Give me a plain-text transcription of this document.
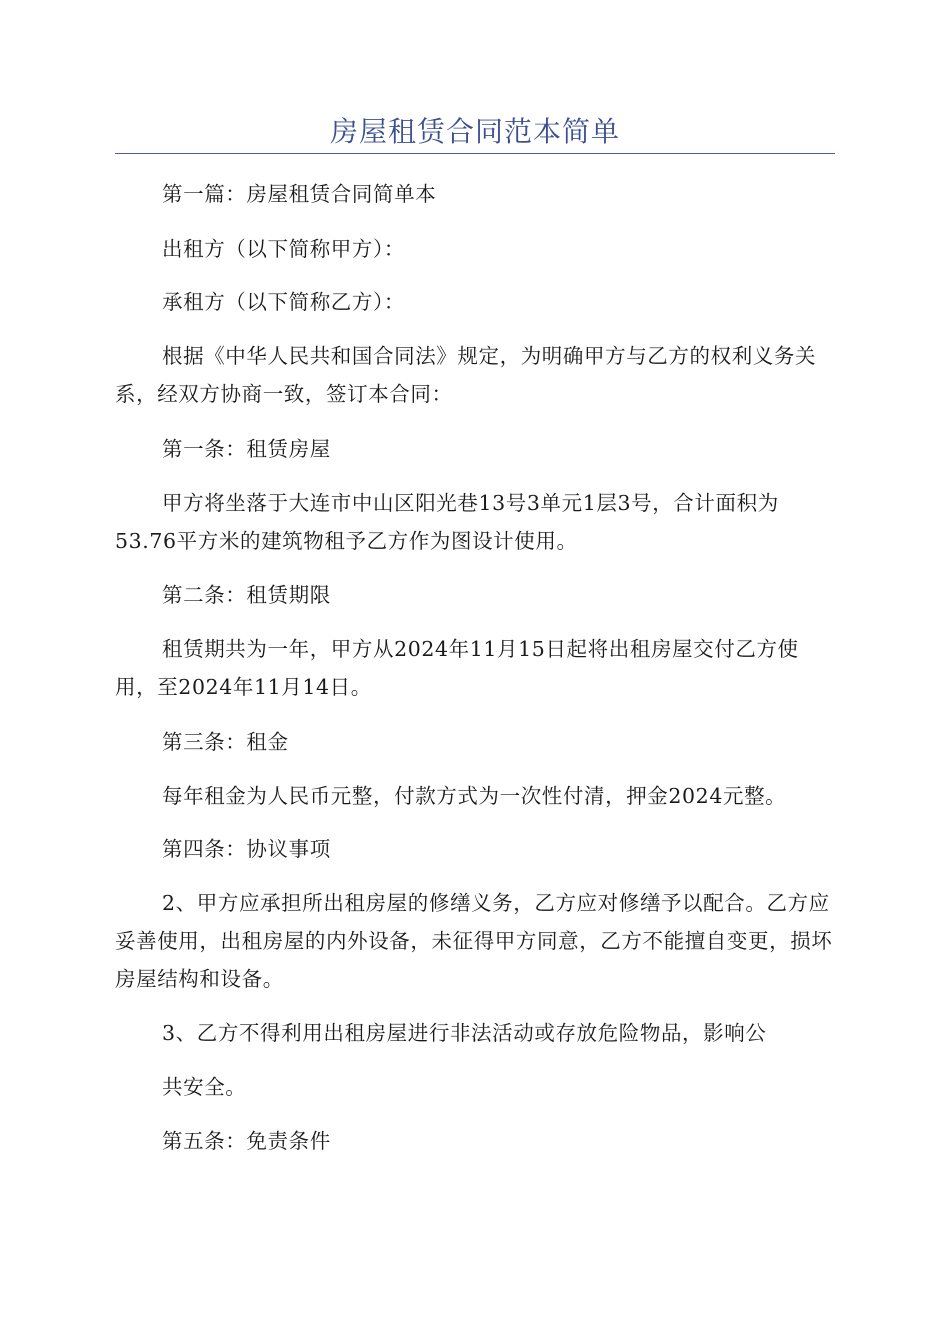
房屋租赁合同范本简单

第一篇：房屋租赁合同简单本

出租方（以下简称甲方）：

承租方（以下简称乙方）：

根据《中华人民共和国合同法》规定，为明确甲方与乙方的权利义务关系，经双方协商一致，签订本合同：

第一条：租赁房屋

甲方将坐落于大连市中山区阳光巷13号3单元1层3号，合计面积为53.76平方米的建筑物租予乙方作为图设计使用。

第二条：租赁期限

租赁期共为一年，甲方从2024年11月15日起将出租房屋交付乙方使用，至2024年11月14日。

第三条：租金

每年租金为人民币元整，付款方式为一次性付清，押金2024元整。

第四条：协议事项

2、甲方应承担所出租房屋的修缮义务，乙方应对修缮予以配合。乙方应妥善使用，出租房屋的内外设备，未征得甲方同意，乙方不能擅自变更，损坏房屋结构和设备。

3、乙方不得利用出租房屋进行非法活动或存放危险物品，影响公

共安全。

第五条：免责条件
